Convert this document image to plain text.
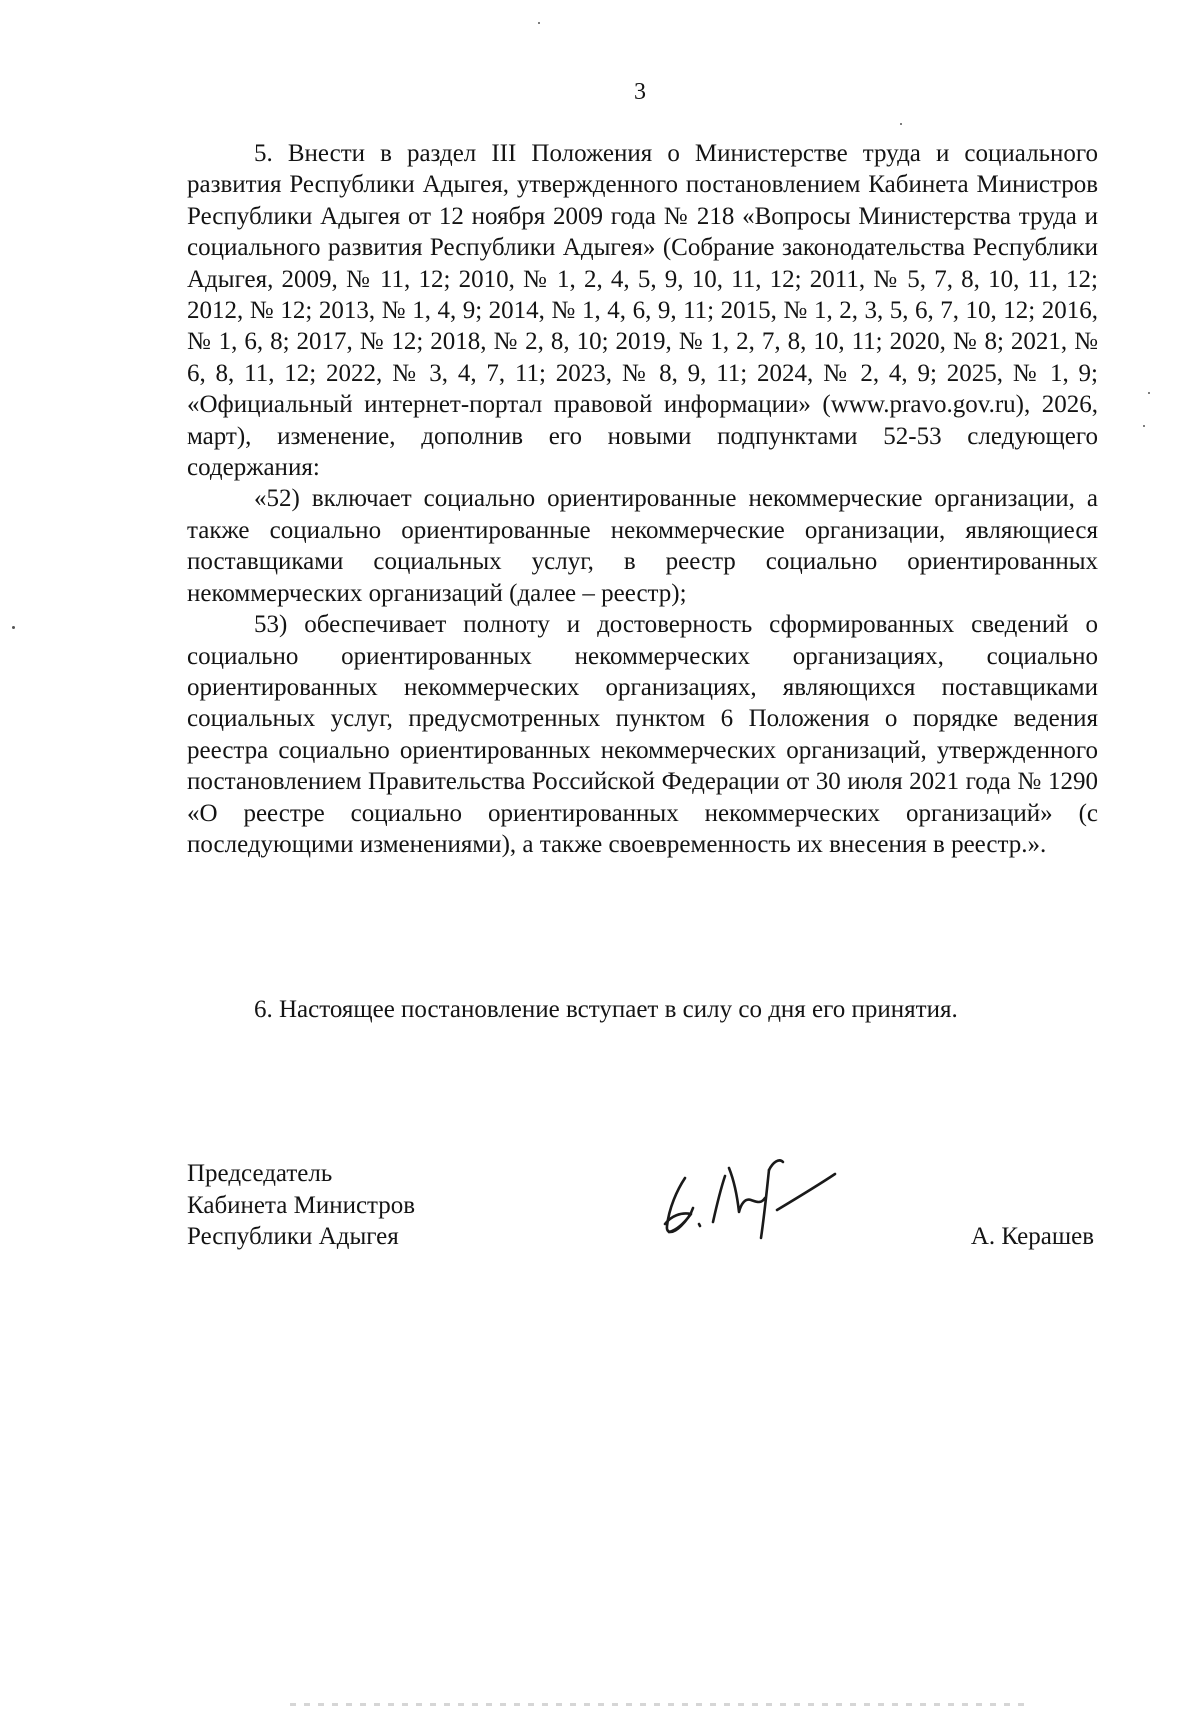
3

5. Внести в раздел III Положения о Министерстве труда и социального развития Республики Адыгея, утвержденного постановлением Кабинета Министров Республики Адыгея от 12 ноября 2009 года № 218 «Вопросы Министерства труда и социального развития Республики Адыгея» (Собрание законодательства Республики Адыгея, 2009, № 11, 12; 2010, № 1, 2, 4, 5, 9, 10, 11, 12; 2011, № 5, 7, 8, 10, 11, 12; 2012, № 12; 2013, № 1, 4, 9; 2014, № 1, 4, 6, 9, 11; 2015, № 1, 2, 3, 5, 6, 7, 10, 12; 2016, № 1, 6, 8; 2017, № 12; 2018, № 2, 8, 10; 2019, № 1, 2, 7, 8, 10, 11; 2020, № 8; 2021, № 6, 8, 11, 12; 2022, № 3, 4, 7, 11; 2023, № 8, 9, 11; 2024, № 2, 4, 9; 2025, № 1, 9; «Официальный интернет-портал правовой информации» (www.pravo.gov.ru), 2026, март), изменение, дополнив его новыми подпунктами 52-53 следующего содержания:

«52) включает социально ориентированные некоммерческие организации, а также социально ориентированные некоммерческие организации, являющиеся поставщиками социальных услуг, в реестр социально ориентированных некоммерческих организаций (далее – реестр);

53) обеспечивает полноту и достоверность сформированных сведений о социально ориентированных некоммерческих организациях, социально ориентированных некоммерческих организациях, являющихся поставщиками социальных услуг, предусмотренных пунктом 6 Положения о порядке ведения реестра социально ориентированных некоммерческих организаций, утвержденного постановлением Правительства Российской Федерации от 30 июля 2021 года № 1290 «О реестре социально ориентированных некоммерческих организаций» (с последующими изменениями), а также своевременность их внесения в реестр.».

6. Настоящее постановление вступает в силу со дня его принятия.

Председатель
Кабинета Министров
Республики Адыгея	А. Керашев
